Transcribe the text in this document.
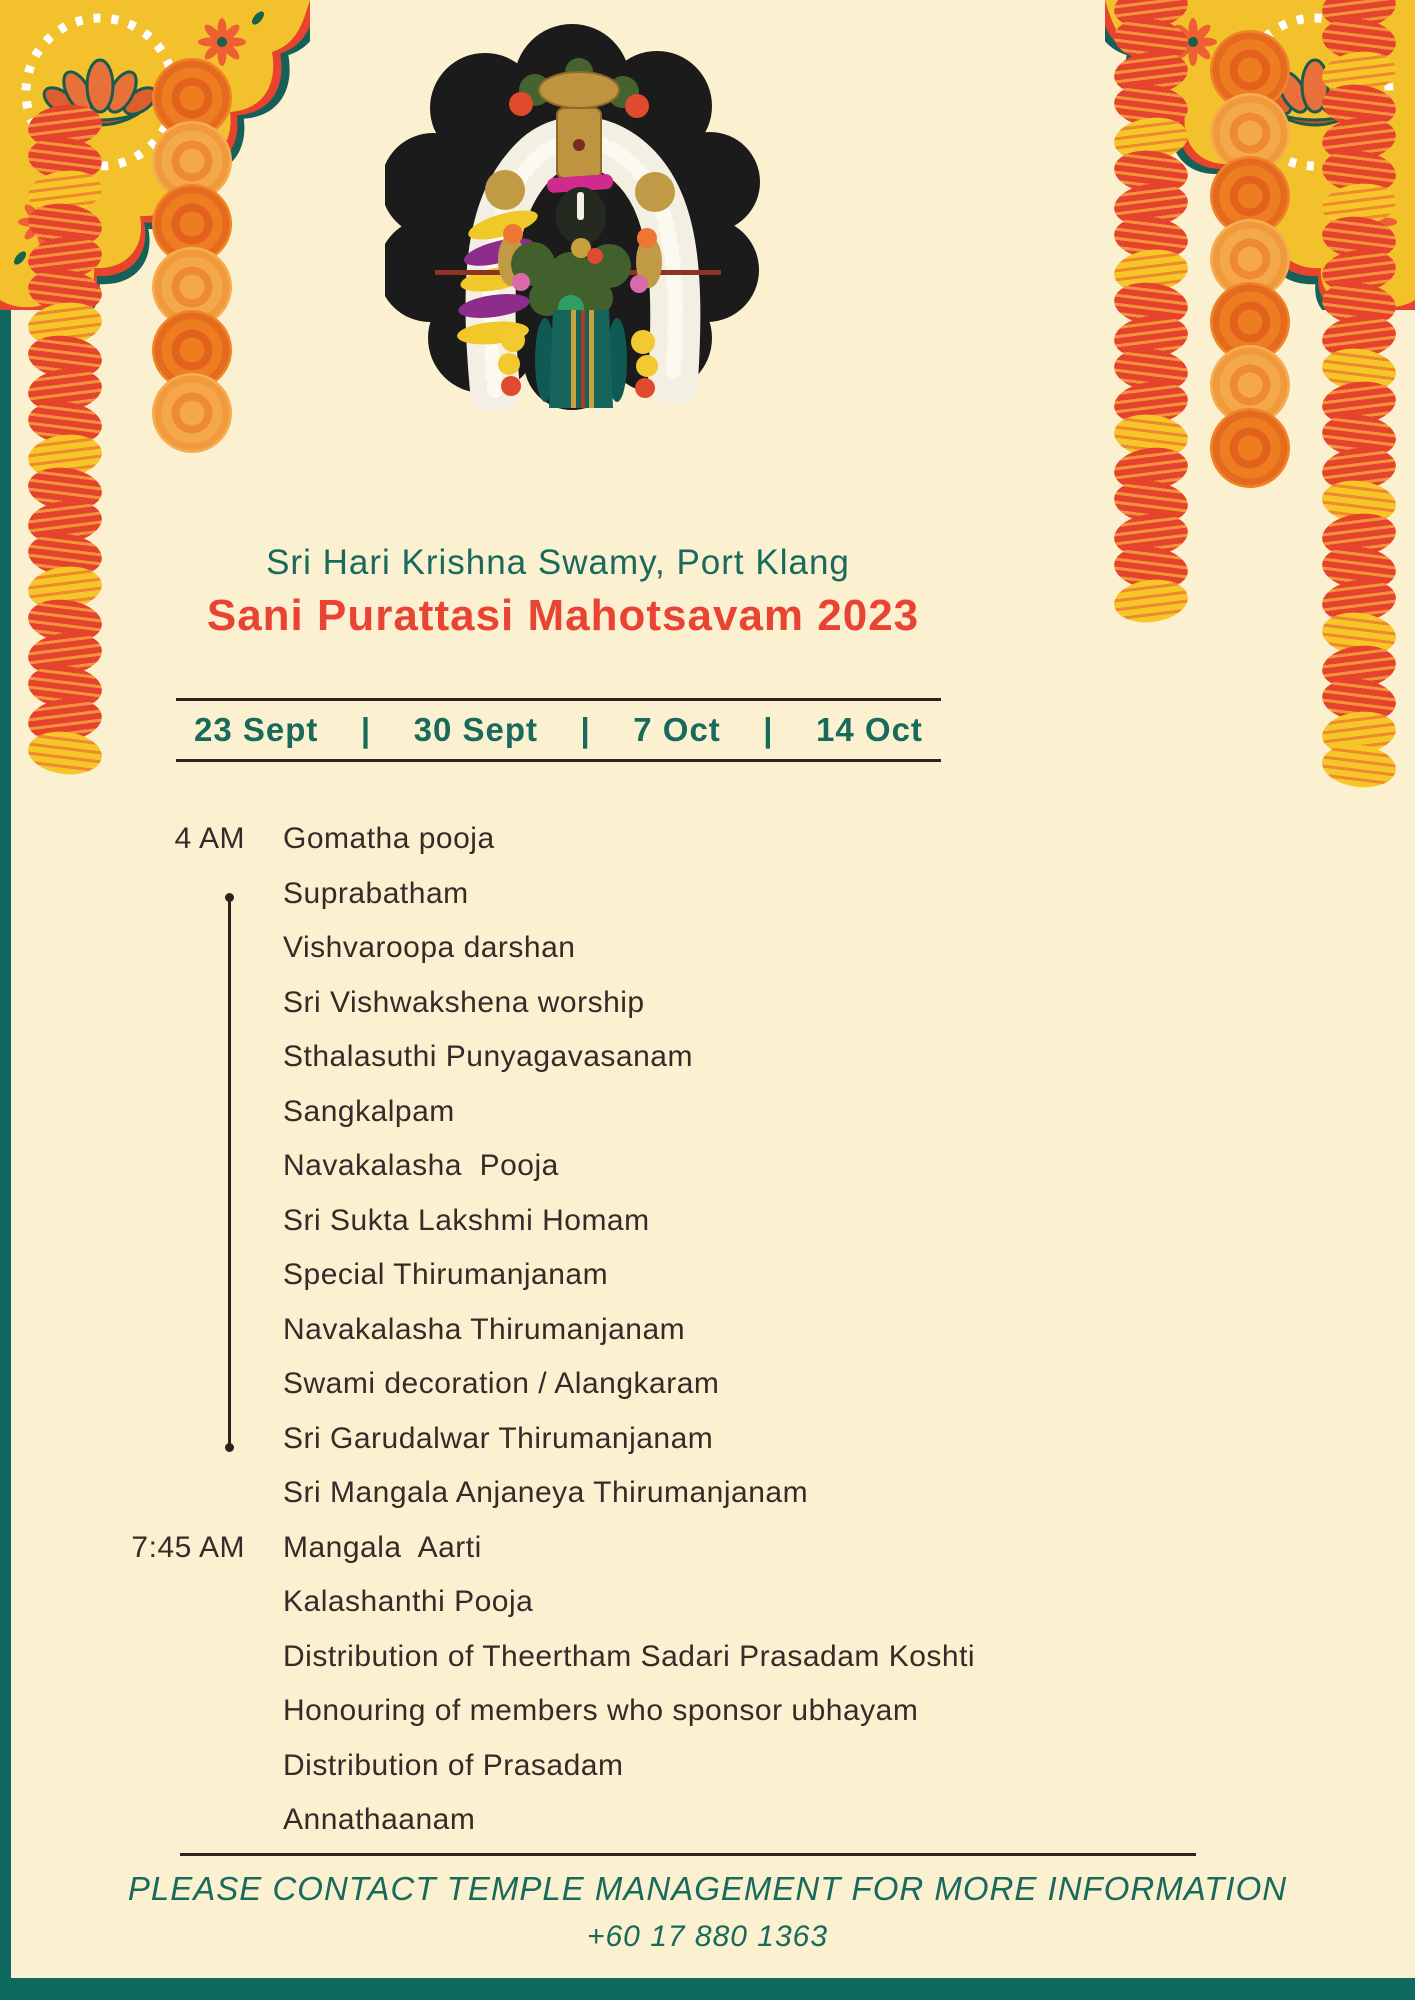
Sri Hari Krishna Swamy, Port Klang
Sani Purattasi Mahotsavam 2023
23 Sept | 30 Sept | 7 Oct | 14 Oct
4 AM Gomatha pooja
Suprabatham
Vishvaroopa darshan
Sri Vishwakshena worship
Sthalasuthi Punyagavasanam
Sangkalpam
Navakalasha  Pooja
Sri Sukta Lakshmi Homam
Special Thirumanjanam
Navakalasha Thirumanjanam
Swami decoration / Alangkaram
Sri Garudalwar Thirumanjanam
Sri Mangala Anjaneya Thirumanjanam
7:45 AM Mangala  Aarti
Kalashanthi Pooja
Distribution of Theertham Sadari Prasadam Koshti
Honouring of members who sponsor ubhayam
Distribution of Prasadam
Annathaanam
PLEASE CONTACT TEMPLE MANAGEMENT FOR MORE INFORMATION
+60 17 880 1363
